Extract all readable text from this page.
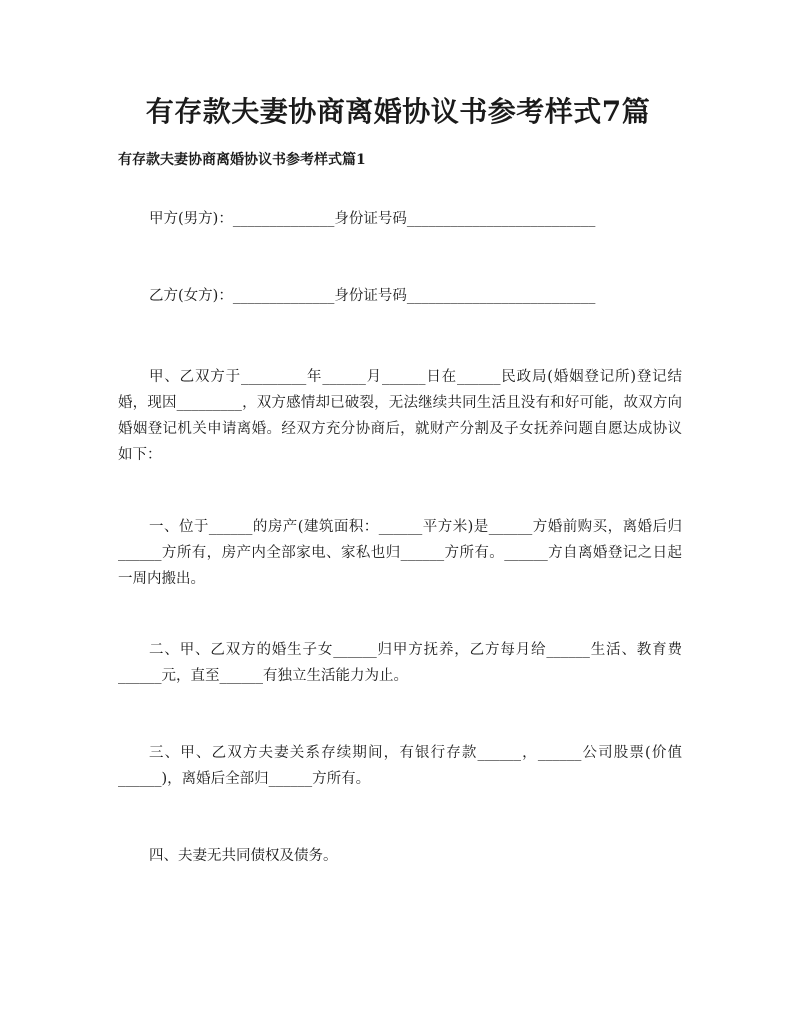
有存款夫妻协商离婚协议书参考样式7篇
有存款夫妻协商离婚协议书参考样式篇1

甲方(男方)：______________身份证号码__________________________

乙方(女方)：______________身份证号码__________________________

甲、乙双方于_________年______月______日在______民政局(婚姻登记所)登记结婚，现因_________，双方感情却已破裂，无法继续共同生活且没有和好可能，故双方向婚姻登记机关申请离婚。经双方充分协商后，就财产分割及子女抚养问题自愿达成协议如下：

一、位于______的房产(建筑面积：______平方米)是______方婚前购买，离婚后归______方所有，房产内全部家电、家私也归______方所有。______方自离婚登记之日起一周内搬出。

二、甲、乙双方的婚生子女______归甲方抚养，乙方每月给______生活、教育费______元，直至______有独立生活能力为止。

三、甲、乙双方夫妻关系存续期间，有银行存款______，______公司股票(价值______)，离婚后全部归______方所有。

四、夫妻无共同债权及债务。
